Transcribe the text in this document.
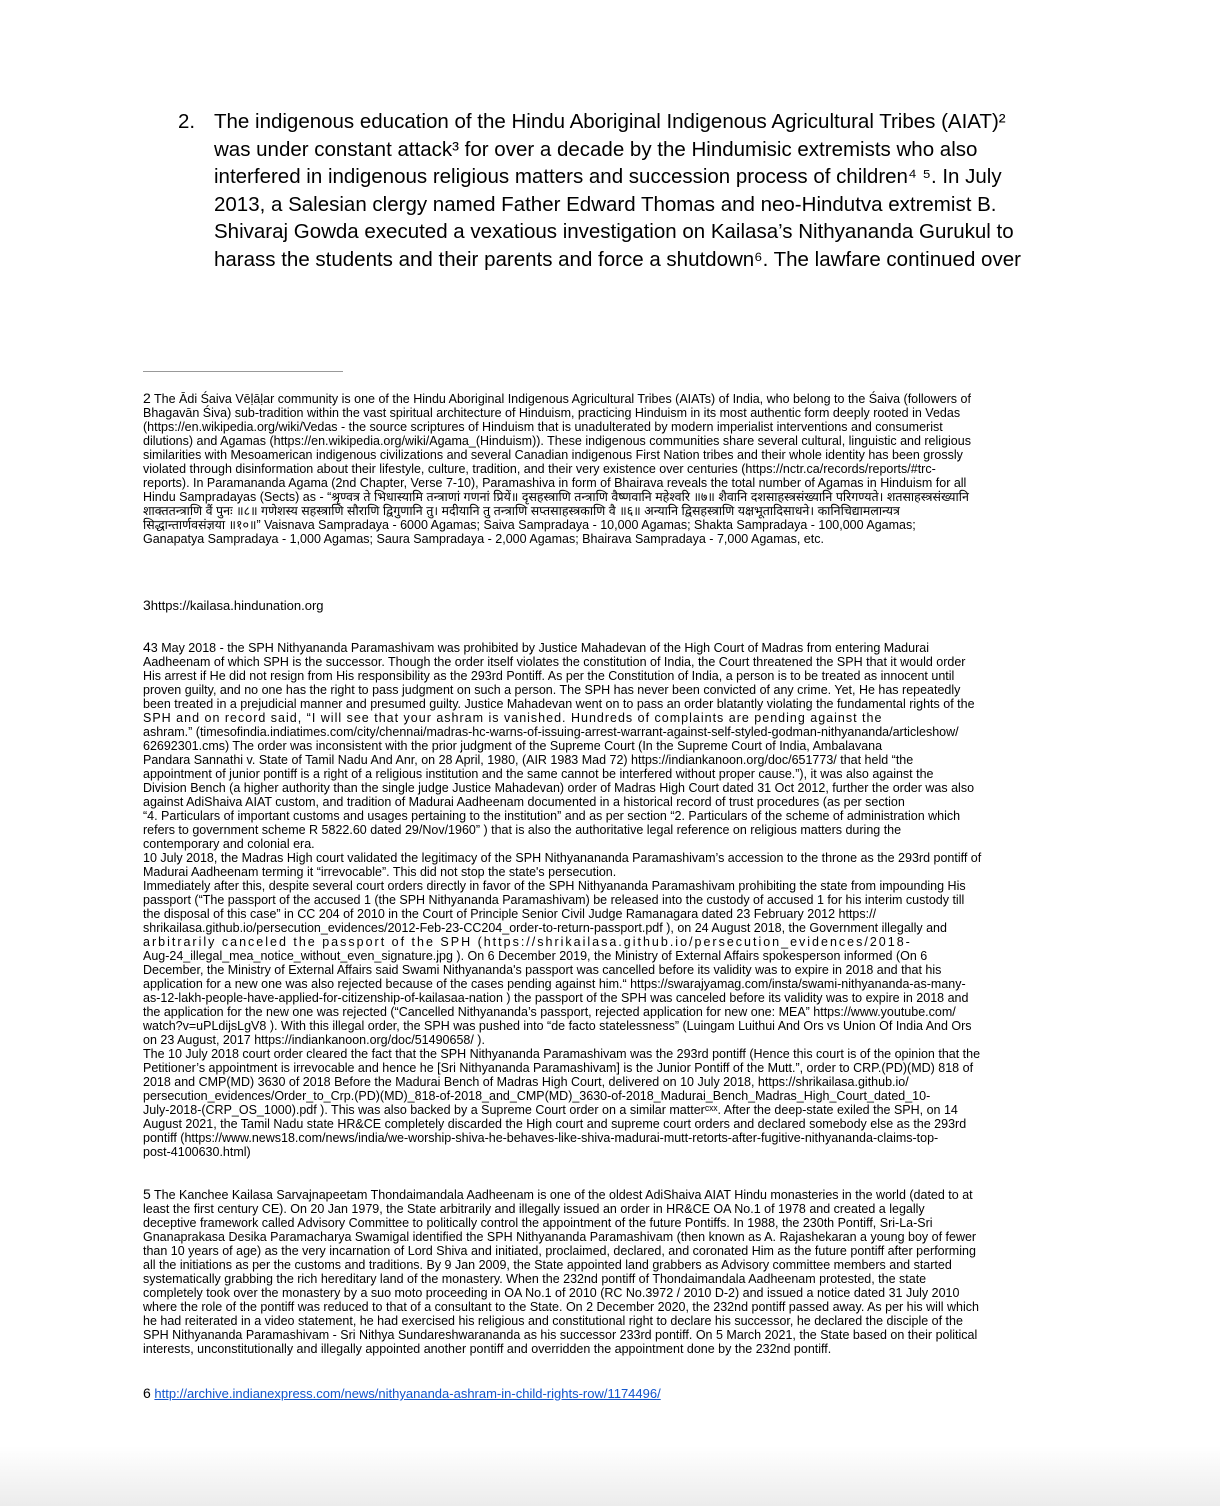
2. The indigenous education of the Hindu Aboriginal Indigenous Agricultural Tribes (AIAT)²
was under constant attack³ for over a decade by the Hindumisic extremists who also
interfered in indigenous religious matters and succession process of children⁴ ⁵. In July
2013, a Salesian clergy named Father Edward Thomas and neo-Hindutva extremist B.
Shivaraj Gowda executed a vexatious investigation on Kailasa’s Nithyananda Gurukul to
harass the students and their parents and force a shutdown⁶. The lawfare continued over
2 The Ādi Śaiva Vēḷāḷar community is one of the Hindu Aboriginal Indigenous Agricultural Tribes (AIATs) of India, who belong to the Śaiva (followers of
Bhagavān Śiva) sub-tradition within the vast spiritual architecture of Hinduism, practicing Hinduism in its most authentic form deeply rooted in Vedas
(https://en.wikipedia.org/wiki/Vedas - the source scriptures of Hinduism that is unadulterated by modern imperialist interventions and consumerist
dilutions) and Agamas (https://en.wikipedia.org/wiki/Agama_(Hinduism)). These indigenous communities share several cultural, linguistic and religious
similarities with Mesoamerican indigenous civilizations and several Canadian indigenous First Nation tribes and their whole identity has been grossly
violated through disinformation about their lifestyle, culture, tradition, and their very existence over centuries (https://nctr.ca/records/reports/#trc-
reports). In Paramananda Agama (2nd Chapter, Verse 7-10), Paramashiva in form of Bhairava reveals the total number of Agamas in Hinduism for all
Hindu Sampradayas (Sects) as - “श्रृण्वत्र ते भिधास्यामि तन्त्राणां गणनां प्रियें॥ दृसहस्त्राणि तन्त्राणि वैष्णवानि महेश्वरि ॥७॥ शैवानि दशसाहस्त्रसंख्यानि परिगण्यते। शतसाहस्त्रसंख्यानि
शाक्ततन्त्राणि वैं पुनः ॥८॥ गणेशस्य सहस्त्राणि सौराणि द्विगुणानि तु। मदीयानि तु तन्त्राणि सप्तसाहस्त्रकाणि वै ॥६॥ अन्यानि द्विसहस्त्राणि यक्षभूतादिसाधने। कानिचिद्यामलान्यत्र
सिद्धान्तार्णवसंज्ञया ॥१०॥” Vaisnava Sampradaya - 6000 Agamas; Saiva Sampradaya - 10,000 Agamas; Shakta Sampradaya - 100,000 Agamas;
Ganapatya Sampradaya - 1,000 Agamas; Saura Sampradaya - 2,000 Agamas; Bhairava Sampradaya - 7,000 Agamas, etc.
3https://kailasa.hindunation.org
43 May 2018 - the SPH Nithyananda Paramashivam was prohibited by Justice Mahadevan of the High Court of Madras from entering Madurai
Aadheenam of which SPH is the successor. Though the order itself violates the constitution of India, the Court threatened the SPH that it would order
His arrest if He did not resign from His responsibility as the 293rd Pontiff. As per the Constitution of India, a person is to be treated as innocent until
proven guilty, and no one has the right to pass judgment on such a person. The SPH has never been convicted of any crime. Yet, He has repeatedly
been treated in a prejudicial manner and presumed guilty. Justice Mahadevan went on to pass an order blatantly violating the fundamental rights of the
SPH and on record said, “I will see that your ashram is vanished. Hundreds of complaints are pending against the
ashram.” (timesofindia.indiatimes.com/city/chennai/madras-hc-warns-of-issuing-arrest-warrant-against-self-styled-godman-nithyananda/articleshow/
62692301.cms) The order was inconsistent with the prior judgment of the Supreme Court (In the Supreme Court of India, Ambalavana
Pandara Sannathi v. State of Tamil Nadu And Anr, on 28 April, 1980, (AIR 1983 Mad 72) https://indiankanoon.org/doc/651773/ that held “the
appointment of junior pontiff is a right of a religious institution and the same cannot be interfered without proper cause.”), it was also against the
Division Bench (a higher authority than the single judge Justice Mahadevan) order of Madras High Court dated 31 Oct 2012, further the order was also
against AdiShaiva AIAT custom, and tradition of Madurai Aadheenam documented in a historical record of trust procedures (as per section
“4. Particulars of important customs and usages pertaining to the institution” and as per section “2. Particulars of the scheme of administration which
refers to government scheme R 5822.60 dated 29/Nov/1960” ) that is also the authoritative legal reference on religious matters during the
contemporary and colonial era.
10 July 2018, the Madras High court validated the legitimacy of the SPH Nithyanananda Paramashivam’s accession to the throne as the 293rd pontiff of
Madurai Aadheenam terming it “irrevocable”. This did not stop the state's persecution.
Immediately after this, despite several court orders directly in favor of the SPH Nithyananda Paramashivam prohibiting the state from impounding His
passport (“The passport of the accused 1 (the SPH Nithyananda Paramashivam) be released into the custody of accused 1 for his interim custody till
the disposal of this case” in CC 204 of 2010 in the Court of Principle Senior Civil Judge Ramanagara dated 23 February 2012 https://
shrikailasa.github.io/persecution_evidences/2012-Feb-23-CC204_order-to-return-passport.pdf ), on 24 August 2018, the Government illegally and
arbitrarily canceled the passport of the SPH (https://shrikailasa.github.io/persecution_evidences/2018-
Aug-24_illegal_mea_notice_without_even_signature.jpg ). On 6 December 2019, the Ministry of External Affairs spokesperson informed (On 6
December, the Ministry of External Affairs said Swami Nithyananda's passport was cancelled before its validity was to expire in 2018 and that his
application for a new one was also rejected because of the cases pending against him.“ https://swarajyamag.com/insta/swami-nithyananda-as-many-
as-12-lakh-people-have-applied-for-citizenship-of-kailasaa-nation ) the passport of the SPH was canceled before its validity was to expire in 2018 and
the application for the new one was rejected (“Cancelled Nithyananda’s passport, rejected application for new one: MEA” https://www.youtube.com/
watch?v=uPLdijsLgV8 ). With this illegal order, the SPH was pushed into “de facto statelessness” (Luingam Luithui And Ors vs Union Of India And Ors
on 23 August, 2017 https://indiankanoon.org/doc/51490658/ ).
The 10 July 2018 court order cleared the fact that the SPH Nithyananda Paramashivam was the 293rd pontiff (Hence this court is of the opinion that the
Petitioner’s appointment is irrevocable and hence he [Sri Nithyananda Paramashivam] is the Junior Pontiff of the Mutt.”, order to CRP.(PD)(MD) 818 of
2018 and CMP(MD) 3630 of 2018 Before the Madurai Bench of Madras High Court, delivered on 10 July 2018, https://shrikailasa.github.io/
persecution_evidences/Order_to_Crp.(PD)(MD)_818-of-2018_and_CMP(MD)_3630-of-2018_Madurai_Bench_Madras_High_Court_dated_10-
July-2018-(CRP_OS_1000).pdf ). This was also backed by a Supreme Court order on a similar matterᶜˣˣ. After the deep-state exiled the SPH, on 14
August 2021, the Tamil Nadu state HR&CE completely discarded the High court and supreme court orders and declared somebody else as the 293rd
pontiff (https://www.news18.com/news/india/we-worship-shiva-he-behaves-like-shiva-madurai-mutt-retorts-after-fugitive-nithyananda-claims-top-
post-4100630.html)
5 The Kanchee Kailasa Sarvajnapeetam Thondaimandala Aadheenam is one of the oldest AdiShaiva AIAT Hindu monasteries in the world (dated to at
least the first century CE). On 20 Jan 1979, the State arbitrarily and illegally issued an order in HR&CE OA No.1 of 1978 and created a legally
deceptive framework called Advisory Committee to politically control the appointment of the future Pontiffs. In 1988, the 230th Pontiff, Sri-La-Sri
Gnanaprakasa Desika Paramacharya Swamigal identified the SPH Nithyananda Paramashivam (then known as A. Rajashekaran a young boy of fewer
than 10 years of age) as the very incarnation of Lord Shiva and initiated, proclaimed, declared, and coronated Him as the future pontiff after performing
all the initiations as per the customs and traditions. By 9 Jan 2009, the State appointed land grabbers as Advisory committee members and started
systematically grabbing the rich hereditary land of the monastery. When the 232nd pontiff of Thondaimandala Aadheenam protested, the state
completely took over the monastery by a suo moto proceeding in OA No.1 of 2010 (RC No.3972 / 2010 D-2) and issued a notice dated 31 July 2010
where the role of the pontiff was reduced to that of a consultant to the State. On 2 December 2020, the 232nd pontiff passed away. As per his will which
he had reiterated in a video statement, he had exercised his religious and constitutional right to declare his successor, he declared the disciple of the
SPH Nithyananda Paramashivam - Sri Nithya Sundareshwarananda as his successor 233rd pontiff. On 5 March 2021, the State based on their political
interests, unconstitutionally and illegally appointed another pontiff and overridden the appointment done by the 232nd pontiff.
6 http://archive.indianexpress.com/news/nithyananda-ashram-in-child-rights-row/1174496/
